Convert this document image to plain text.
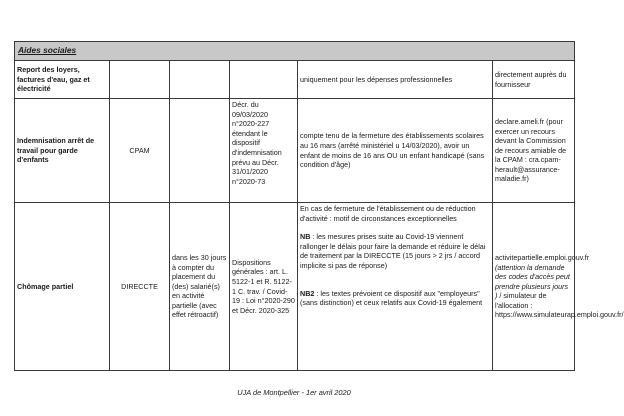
Aides sociales					
Report des loyers, factures d'eau, gaz et électricité				uniquement pour les dépenses professionnelles	directement auprès du fournisseur
Indemnisation arrêt de travail pour garde d'enfants	CPAM		Décr. du 09/03/2020 n°2020-227 étendant le dispositif d'indemnisation prévu au Décr. 31/01/2020 n°2020-73	compte tenu de la fermeture des établissements scolaires au 16 mars (arrêté ministériel u 14/03/2020), avoir un enfant de moins de 16 ans OU un enfant handicapé (sans condition d'âge)	declare.ameli.fr (pour exercer un recours devant la Commission de recours amiable de la CPAM : cra.cpam-herault@assurance-maladie.fr)
Chômage partiel	DIRECCTE	dans les 30 jours à compter du placement du (des) salarié(s) en activité partielle (avec effet rétroactif)	Dispositions générales : art. L. 5122-1 et R. 5122-1 C. trav. / Covid-19 : Loi n°2020-290 et Décr. 2020-325	En cas de fermeture de l'établissement ou de réduction d'activité : motif de circonstances exceptionnelles
NB : les mesures prises suite au Covid-19 viennent rallonger le délais pour faire la demande et réduire le délai de traitement par la DIRECCTE (15 jours > 2 jrs / accord implicite si pas de réponse)
NB2 : les textes prévoient ce dispositif aux "employeurs" (sans distinction) et ceux relatifs aux Covid-19 également	activitepartielle.emploi.gouv.fr (attention la demande des codes d'accès peut prendre plusieurs jours ) / simulateur de l'allocation : https://www.simulateurap.emploi.gouv.fr/
UJA de Montpellier - 1er avril 2020
